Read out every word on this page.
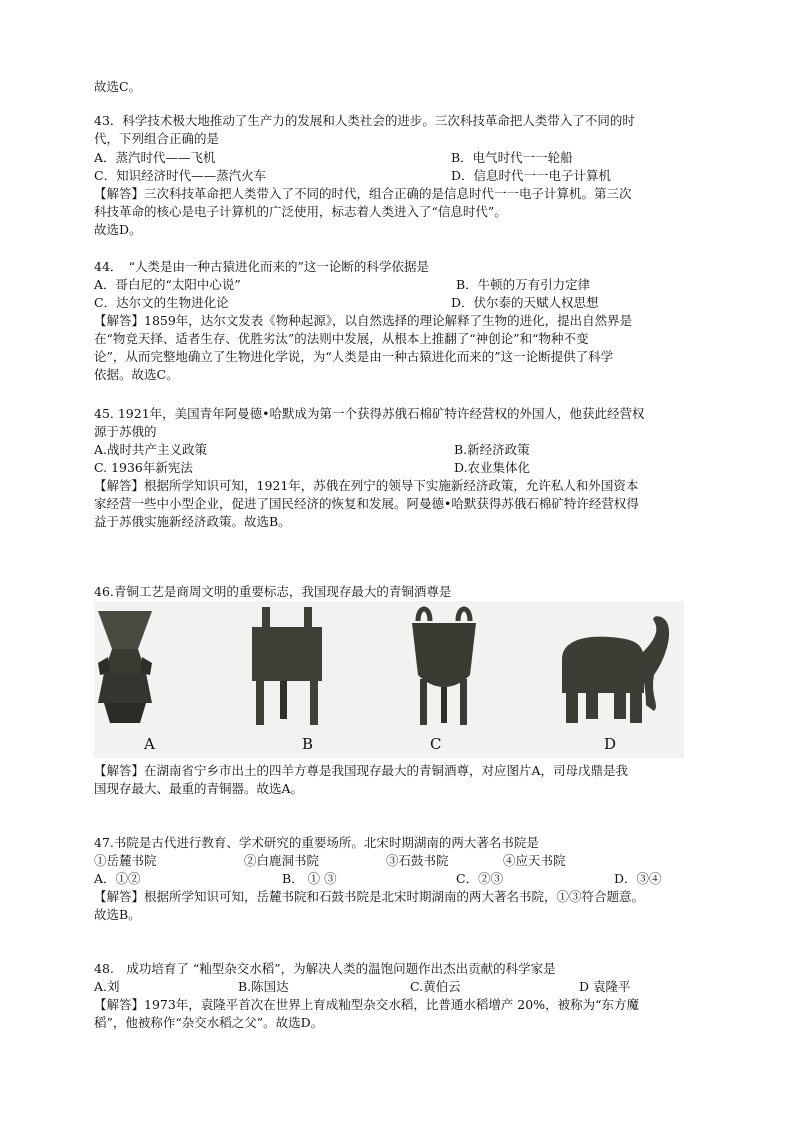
故选C。
43．科学技术极大地推动了生产力的发展和人类社会的进步。三次科技革命把人类带入了不同的时
代，下列组合正确的是
A．蒸汽时代——飞机	B．电气时代一一轮船
C．知识经济时代——蒸汽火车	D．信息时代一一电子计算机
【解答】三次科技革命把人类带入了不同的时代，组合正确的是信息时代一一电子计算机。第三次
科技革命的核心是电子计算机的广泛使用，标志着人类进入了“信息时代”。
故选D。
44．　“人类是由一种古猿进化而来的”这一论断的科学依据是
A．哥白尼的“太阳中心说”	B．牛顿的万有引力定律
C．达尔文的生物进化论	D．伏尔泰的天赋人权思想
【解答】1859年，达尔文发表《物种起源》，以自然选择的理论解释了生物的进化，提出自然界是
在“物竞天择、适者生存、优胜劣汰”的法则中发展，从根本上推翻了“神创论”和“物种不变
论”，从而完整地确立了生物进化学说，为“人类是由一种古猿进化而来的”这一论断提供了科学
依据。故选C。
45. 1921年，美国青年阿曼德•哈默成为第一个获得苏俄石棉矿特许经营权的外国人，他获此经营权
源于苏俄的
A.战时共产主义政策	B.新经济政策
C. 1936年新宪法	D.农业集体化
【解答】根据所学知识可知，1921年，苏俄在列宁的领导下实施新经济政策，允许私人和外国资本
家经营一些中小型企业，促进了国民经济的恢复和发展。阿曼德•哈默获得苏俄石棉矿特许经营权得
益于苏俄实施新经济政策。故选B。
46.青铜工艺是商周文明的重要标志，我国现存最大的青铜酒尊是
【解答】在湖南省宁乡市出土的四羊方尊是我国现存最大的青铜酒尊，对应图片A，司母戊鼎是我
国现存最大、最重的青铜器。故选A。
47.书院是古代进行教育、学术研究的重要场所。北宋时期湖南的两大著名书院是
①岳麓书院	②白鹿洞书院	③石鼓书院	④应天书院
A．①②	B． ① ③	C．②③	D．③④
【解答】根据所学知识可知，岳麓书院和石鼓书院是北宋时期湖南的两大著名书院，①③符合题意。
故选B。
48.　成功培育了 “籼型杂交水稻”，为解决人类的温饱问题作出杰出贡献的科学家是
A.刘　　	B.陈国达	C.黄伯云	D 袁隆平
【解答】1973年，袁隆平首次在世界上育成籼型杂交水稻，比普通水稻增产 20%，被称为“东方魔
稻”，他被称作“杂交水稻之父”。故选D。
A	B	C	D
